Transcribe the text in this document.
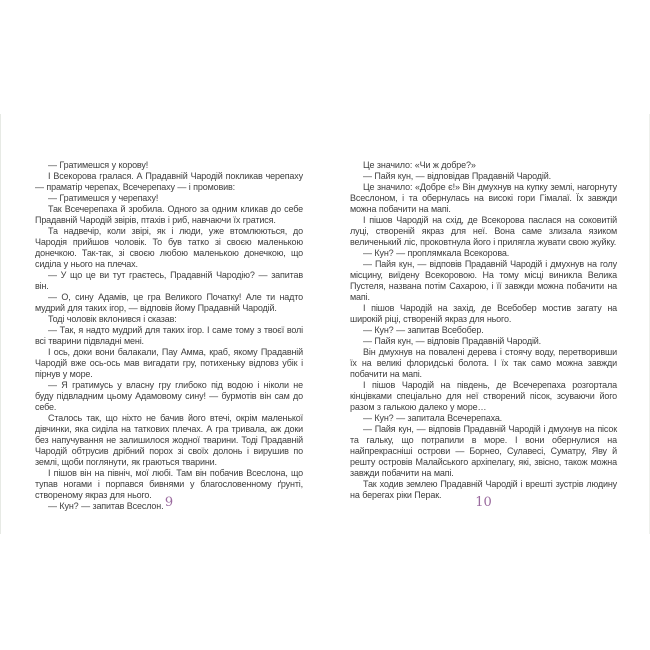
— Гратимешся у корову!

І Всекорова гралася. А Прадавній Чародій покликав черепаху — праматір черепах, Всечерепаху — і промовив:

— Гратимешся у черепаху!

Так Всечерепаха й зробила. Одного за одним кликав до себе Прадавній Чародій звірів, птахів і риб, навчаючи їх гратися.

Та надвечір, коли звірі, як і люди, уже втомлюються, до Чародія прийшов чоловік. То був татко зі своєю маленькою донечкою. Так-так, зі своєю любою маленькою донечкою, що сиділа у нього на плечах.

— У що це ви тут граєтесь, Прадавній Чародію? — запитав він.

— О, сину Адамів, це гра Великого Початку! Але ти надто мудрий для таких ігор, — відповів йому Прадавній Чародій.

Тоді чоловік вклонився і сказав:

— Так, я надто мудрий для таких ігор. І саме тому з твоєї волі всі тварини підвладні мені.

І ось, доки вони балакали, Пау Амма, краб, якому Прадавній Чародій вже ось-ось мав вигадати гру, потихеньку відповз убік і пірнув у море.

— Я гратимусь у власну гру глибоко під водою і ніколи не буду підвладним цьому Адамовому сину! — бурмотів він сам до себе.

Сталось так, що ніхто не бачив його втечі, окрім маленької дівчинки, яка сиділа на таткових плечах. А гра тривала, аж доки без напучування не залишилося жодної тварини. Тоді Прадавній Чародій обтрусив дрібний порох зі своїх долонь і вирушив по землі, щоби поглянути, як граються тварини.

І пішов він на північ, мої любі. Там він побачив Всеслона, що тупав ногами і порпався бивнями у благословенному ґрунті, створеному якраз для нього.

— Кун? — запитав Всеслон. 9

Це значило: «Чи ж добре?»

— Пайя кун, — відповідав Прадавній Чародій.

Це значило: «Добре є!» Він дмухнув на купку землі, нагорнуту Всеслоном, і та обернулась на високі гори Гімалаї. Їх завжди можна побачити на мапі.

І пішов Чародій на схід, де Всекорова паслася на соковитій луці, створеній якраз для неї. Вона саме злизала язиком величенький ліс, проковтнула його і прилягла жувати свою жуйку.

— Кун? — проплямкала Всекорова.

— Пайя кун, — відповів Прадавній Чародій і дмухнув на голу місцину, виїдену Всекоровою. На тому місці виникла Велика Пустеля, названа потім Сахарою, і її завжди можна побачити на мапі.

І пішов Чародій на захід, де Всебобер мостив загату на широкій ріці, створеній якраз для нього.

— Кун? — запитав Всебобер.

— Пайя кун, — відповів Прадавній Чародій.

Він дмухнув на повалені дерева і стоячу воду, перетворивши їх на великі флоридські болота. І їх так само можна завжди побачити на мапі.

І пішов Чародій на південь, де Всечерепаха розгортала кінцівками спеціально для неї створений пісок, зсуваючи його разом з галькою далеко у море…

— Кун? — запитала Всечерепаха.

— Пайя кун, — відповів Прадавній Чародій і дмухнув на пісок та гальку, що потрапили в море. І вони обернулися на найпрекрасніші острови — Борнео, Сулавесі, Суматру, Яву й решту островів Малайського архіпелагу, які, звісно, також можна завжди побачити на мапі.

Так ходив землею Прадавній Чародій і врешті зустрів людину на берегах ріки Перак.	10
